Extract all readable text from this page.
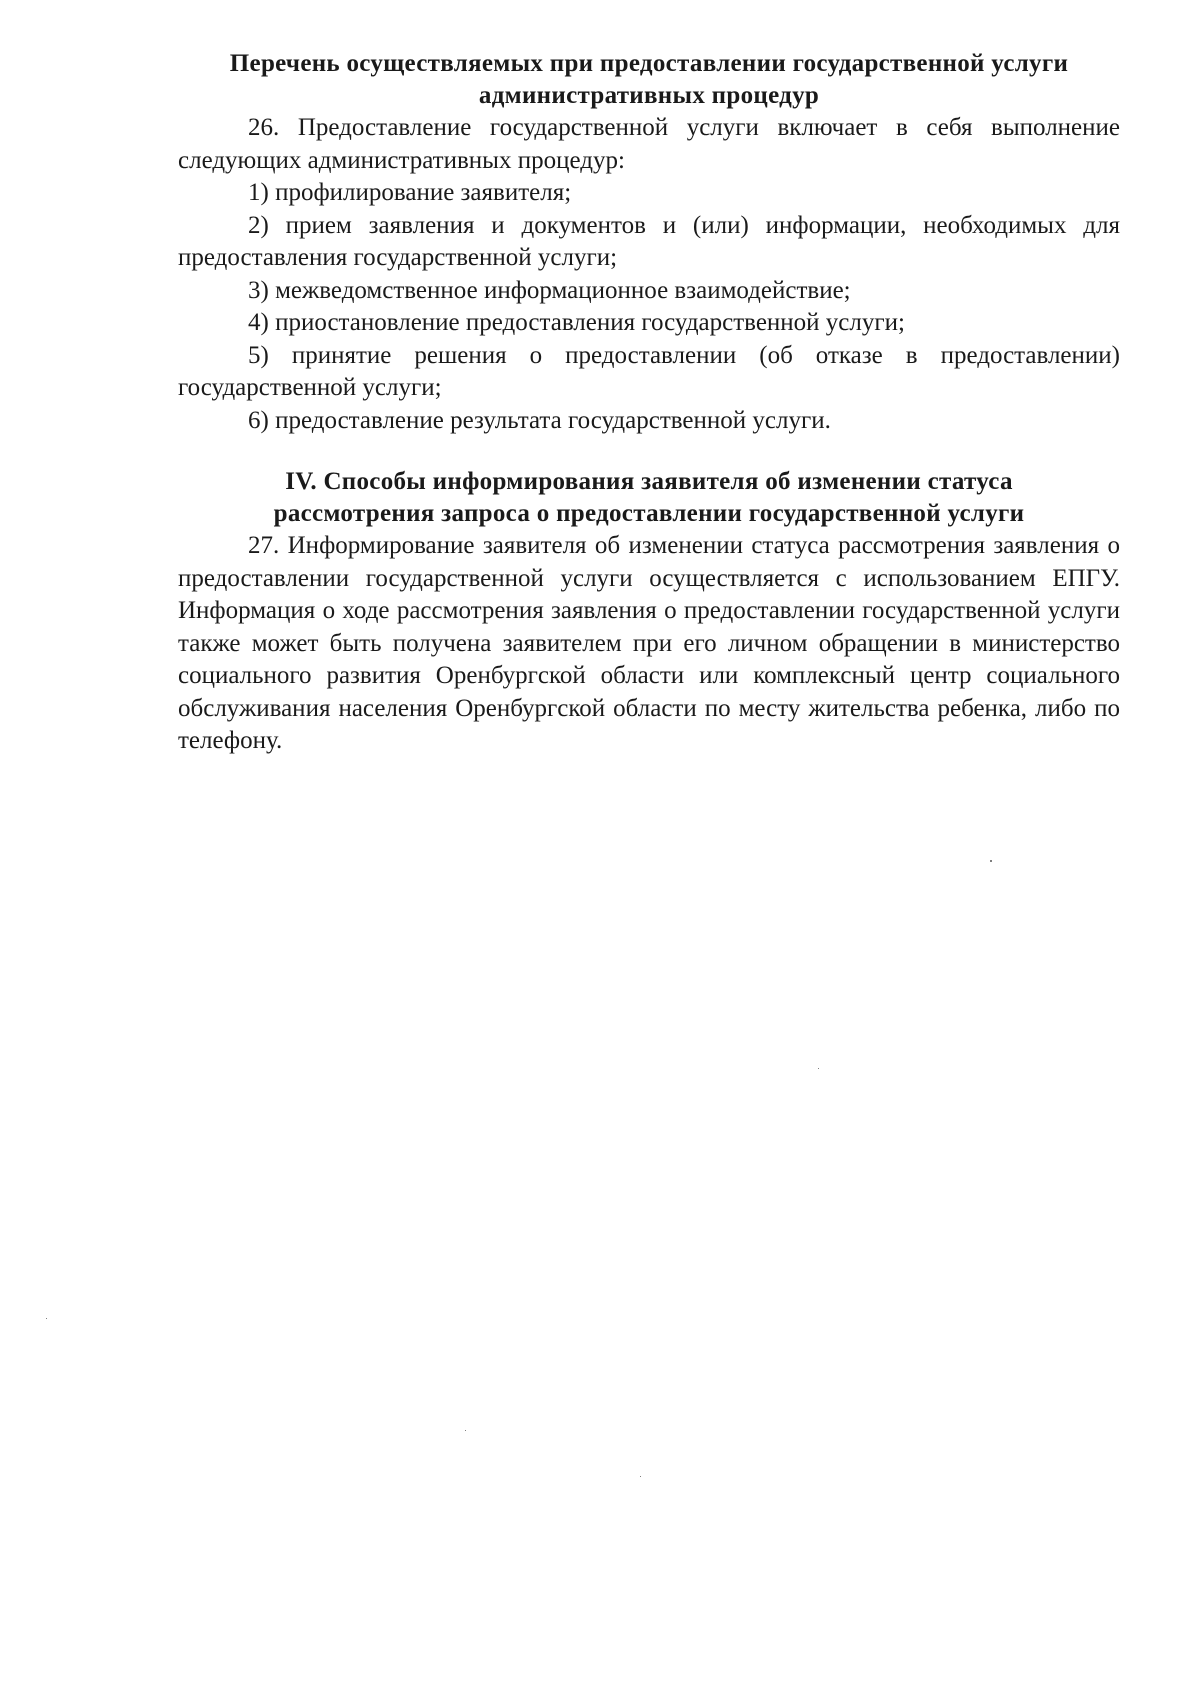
Перечень осуществляемых при предоставлении государственной услуги административных процедур

26. Предоставление государственной услуги включает в себя выполнение следующих административных процедур:

1) профилирование заявителя;

2) прием заявления и документов и (или) информации, необходимых для предоставления государственной услуги;

3) межведомственное информационное взаимодействие;

4) приостановление предоставления государственной услуги;

5) принятие решения о предоставлении (об отказе в предоставлении) государственной услуги;

6) предоставление результата государственной услуги.

IV. Способы информирования заявителя об изменении статуса рассмотрения запроса о предоставлении государственной услуги

27. Информирование заявителя об изменении статуса рассмотрения заявления о предоставлении государственной услуги осуществляется с использованием ЕПГУ. Информация о ходе рассмотрения заявления о предоставлении государственной услуги также может быть получена заявителем при его личном обращении в министерство социального развития Оренбургской области или комплексный центр социального обслуживания населения Оренбургской области по месту жительства ребенка, либо по телефону.
